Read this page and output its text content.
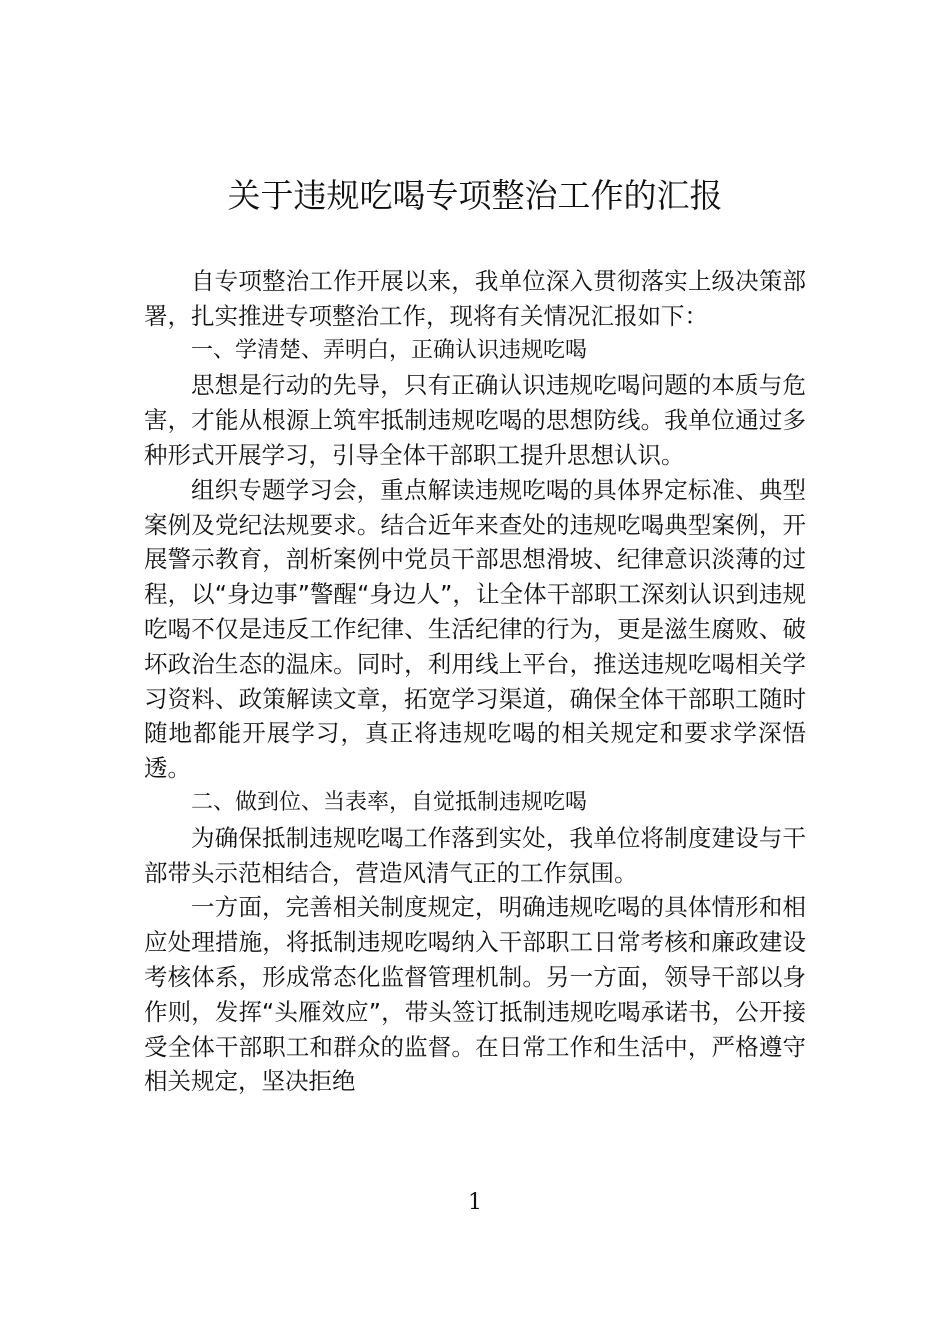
关于违规吃喝专项整治工作的汇报

自专项整治工作开展以来，我单位深入贯彻落实上级决策部署，扎实推进专项整治工作，现将有关情况汇报如下：

一、学清楚、弄明白，正确认识违规吃喝

思想是行动的先导，只有正确认识违规吃喝问题的本质与危害，才能从根源上筑牢抵制违规吃喝的思想防线。我单位通过多种形式开展学习，引导全体干部职工提升思想认识。

组织专题学习会，重点解读违规吃喝的具体界定标准、典型案例及党纪法规要求。结合近年来查处的违规吃喝典型案例，开展警示教育，剖析案例中党员干部思想滑坡、纪律意识淡薄的过程，以“身边事”警醒“身边人”，让全体干部职工深刻认识到违规吃喝不仅是违反工作纪律、生活纪律的行为，更是滋生腐败、破坏政治生态的温床。同时，利用线上平台，推送违规吃喝相关学习资料、政策解读文章，拓宽学习渠道，确保全体干部职工随时随地都能开展学习，真正将违规吃喝的相关规定和要求学深悟透。

二、做到位、当表率，自觉抵制违规吃喝

为确保抵制违规吃喝工作落到实处，我单位将制度建设与干部带头示范相结合，营造风清气正的工作氛围。

一方面，完善相关制度规定，明确违规吃喝的具体情形和相应处理措施，将抵制违规吃喝纳入干部职工日常考核和廉政建设考核体系，形成常态化监督管理机制。另一方面，领导干部以身作则，发挥“头雁效应”，带头签订抵制违规吃喝承诺书，公开接受全体干部职工和群众的监督。在日常工作和生活中，严格遵守相关规定，坚决拒绝

1
